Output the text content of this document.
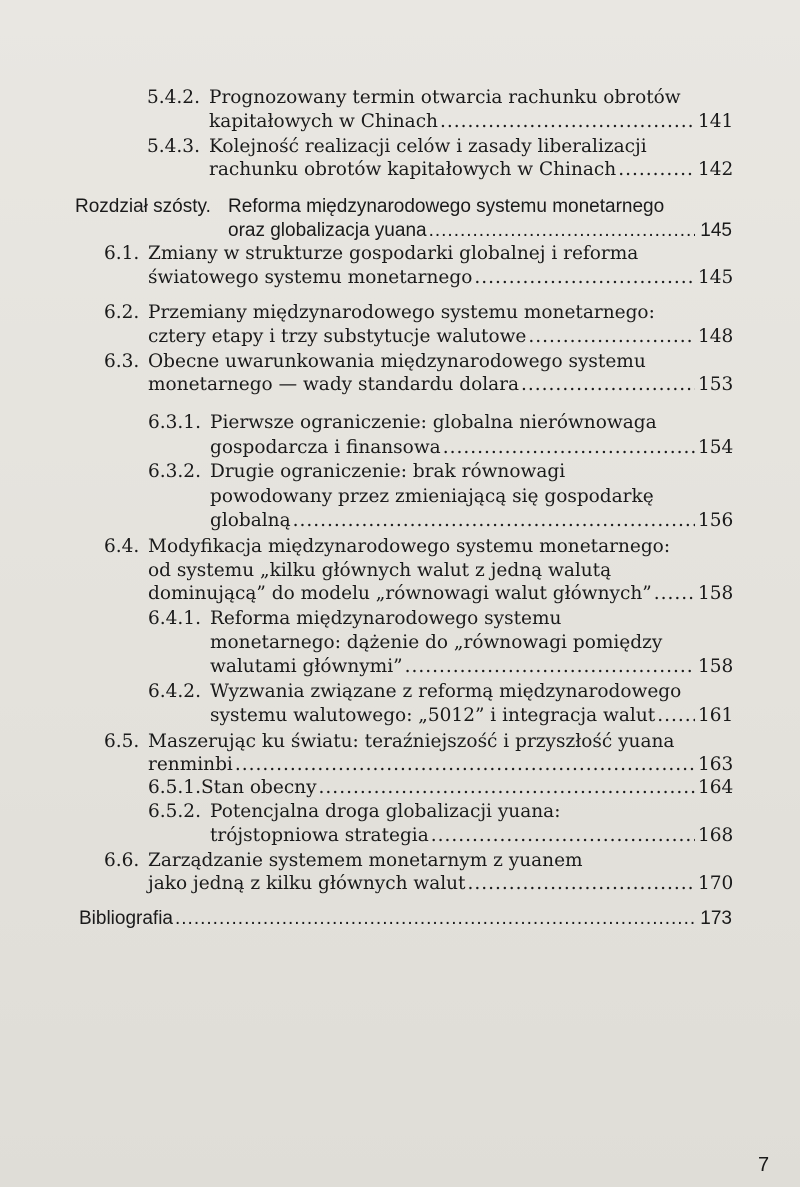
5.4.2. Prognozowany termin otwarcia rachunku obrotów
kapitałowych w Chinach .....	141
5.4.3. Kolejność realizacji celów i zasady liberalizacji
rachunku obrotów kapitałowych w Chinach .....	142
Rozdział szósty. Reforma międzynarodowego systemu monetarnego
oraz globalizacja yuana .....	145
6.1. Zmiany w strukturze gospodarki globalnej i reforma
światowego systemu monetarnego .....	145
6.2. Przemiany międzynarodowego systemu monetarnego:
cztery etapy i trzy substytucje walutowe .....	148
6.3. Obecne uwarunkowania międzynarodowego systemu
monetarnego — wady standardu dolara .....	153
6.3.1. Pierwsze ograniczenie: globalna nierównowaga
gospodarcza i finansowa .....	154
6.3.2. Drugie ograniczenie: brak równowagi
powodowany przez zmieniającą się gospodarkę
globalną .....	156
6.4. Modyfikacja międzynarodowego systemu monetarnego:
od systemu „kilku głównych walut z jedną walutą
dominującą” do modelu „równowagi walut głównych” .....	158
6.4.1. Reforma międzynarodowego systemu
monetarnego: dążenie do „równowagi pomiędzy
walutami głównymi” .....	158
6.4.2. Wyzwania związane z reformą międzynarodowego
systemu walutowego: „5012” i integracja walut ..... 161
6.5. Maszerując ku światu: teraźniejszość i przyszłość yuana
renminbi .....	163
6.5.1. Stan obecny .....	164
6.5.2. Potencjalna droga globalizacji yuana:
trójstopniowa strategia .....	168
6.6. Zarządzanie systemem monetarnym z yuanem
jako jedną z kilku głównych walut .....	170
Bibliografia .....	173
7
